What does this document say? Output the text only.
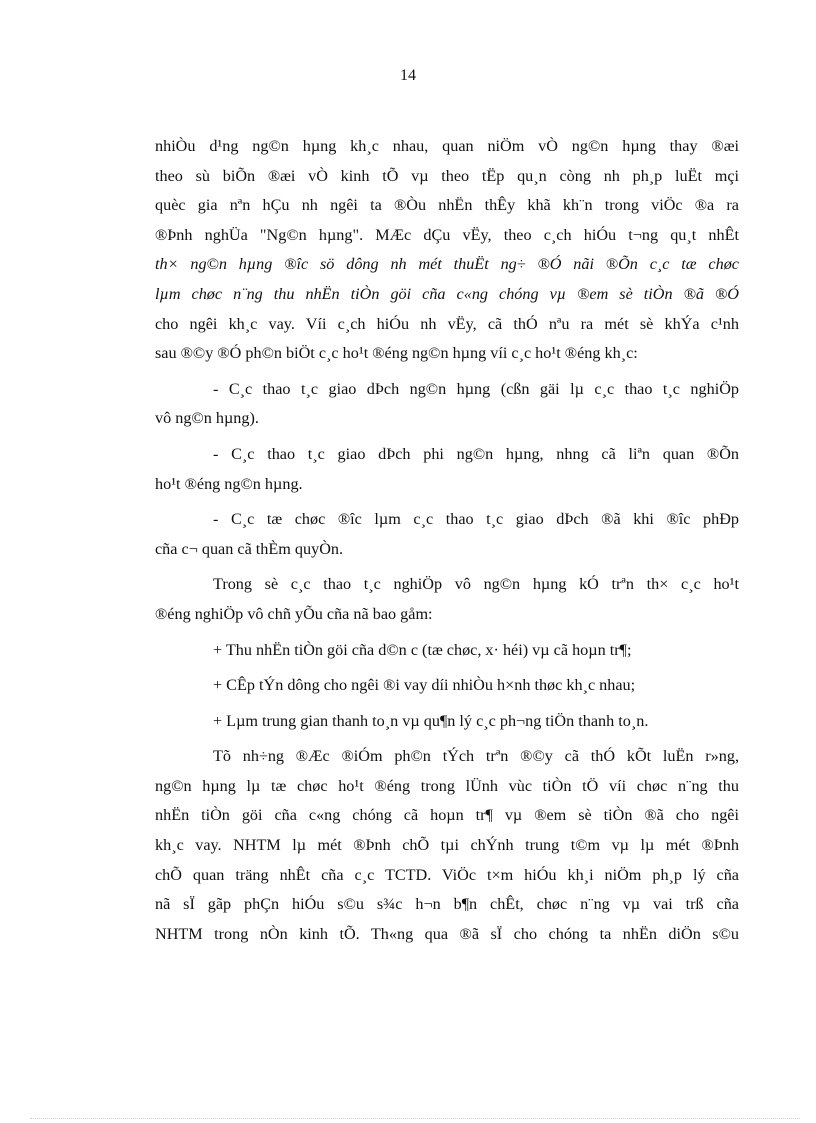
14
nhiÒu d¹ng ng©n hµng kh¸c nhau, quan niÖm vÒ ng©n hµng thay ®æi
theo sù biÕn ®æi vÒ kinh tÕ vµ theo tËp qu¸n còng nh ph¸p luËt mçi
quèc gia nªn hÇu nh ngêi ta ®Òu nhËn thÊy khã kh¨n trong viÖc ®a ra
®Þnh nghÜa "Ng©n hµng". MÆc dÇu vËy, theo c¸ch hiÓu t¬ng qu¸t nhÊt
th× ng©n hµng ®îc sö dông nh mét thuËt ng÷ ®Ó nãi ®Õn c¸c tæ chøc
lµm chøc n¨ng thu nhËn tiÒn göi cña c«ng chóng vµ ®em sè tiÒn ®ã ®Ó
cho ngêi kh¸c vay. Víi c¸ch hiÓu nh vËy, cã thÓ nªu ra mét sè khÝa c¹nh
sau ®©y ®Ó ph©n biÖt c¸c ho¹t ®éng ng©n hµng víi c¸c ho¹t ®éng kh¸c:
- C¸c thao t¸c giao dÞch ng©n hµng (cßn gäi lµ c¸c thao t¸c nghiÖp
vô ng©n hµng).
- C¸c thao t¸c giao dÞch phi ng©n hµng, nhng cã liªn quan ®Õn
ho¹t ®éng ng©n hµng.
- C¸c tæ chøc ®îc lµm c¸c thao t¸c giao dÞch ®ã khi ®îc phÐp
cña c¬ quan cã thÈm quyÒn.
Trong sè c¸c thao t¸c nghiÖp vô ng©n hµng kÓ trªn th× c¸c ho¹t
®éng nghiÖp vô chñ yÕu cña nã bao gåm:
+ Thu nhËn tiÒn göi cña d©n c (tæ chøc, x· héi) vµ cã hoµn tr¶;
+ CÊp tÝn dông cho ngêi ®i vay díi nhiÒu h×nh thøc kh¸c nhau;
+ Lµm trung gian thanh to¸n vµ qu¶n lý c¸c ph¬ng tiÖn thanh to¸n.
Tõ nh÷ng ®Æc ®iÓm ph©n tÝch trªn ®©y cã thÓ kÕt luËn r»ng,
ng©n hµng lµ tæ chøc ho¹t ®éng trong lÜnh vùc tiÒn tÖ víi chøc n¨ng thu
nhËn tiÒn göi cña c«ng chóng cã hoµn tr¶ vµ ®em sè tiÒn ®ã cho ngêi
kh¸c vay. NHTM lµ mét ®Þnh chÕ tµi chÝnh trung t©m vµ lµ mét ®Þnh
chÕ quan träng nhÊt cña c¸c TCTD. ViÖc t×m hiÓu kh¸i niÖm ph¸p lý cña
nã sÏ gãp phÇn hiÓu s©u s¾c h¬n b¶n chÊt, chøc n¨ng vµ vai trß cña
NHTM trong nÒn kinh tÕ. Th«ng qua ®ã sÏ cho chóng ta nhËn diÖn s©u
